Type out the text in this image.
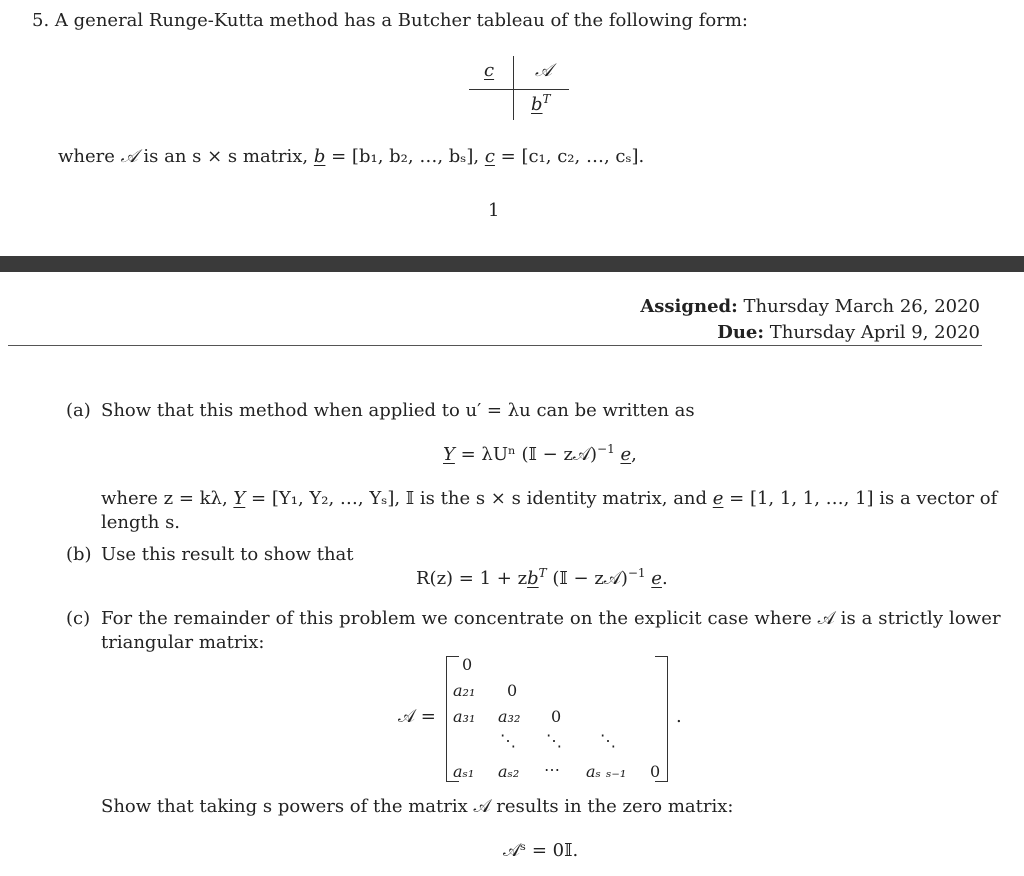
5. A general Runge-Kutta method has a Butcher tableau of the following form:
c 𝒜
$b^T$
where 𝒜 is an s × s matrix, b = [b₁, b₂, …, bₛ], c = [c₁, c₂, …, cₛ].
1
Assigned: Thursday March 26, 2020
Due: Thursday April 9, 2020
(a) Show that this method when applied to u′ = λu can be written as
Y = λUⁿ (𝕀 − z𝒜)$^{-1}$ e,
where z = kλ, Y = [Y₁, Y₂, …, Yₛ], 𝕀 is the s × s identity matrix, and e = [1, 1, 1, …, 1] is a vector of
length s.
(b) Use this result to show that
$R(z) = 1 + zb^T$ (𝕀 − z𝒜)$^{-1}$ e.
(c) For the remainder of this problem we concentrate on the explicit case where 𝒜 is a strictly lower
triangular matrix:
𝒜 =	.
0
a₂₁ 0
a₃₁ a₃₂ 0
⋱ ⋱ ⋱
aₛ₁ aₛ₂ ⋯ aₛ ₛ₋₁ 0
Show that taking s powers of the matrix 𝒜 results in the zero matrix:
𝒜ˢ = 0𝕀.
